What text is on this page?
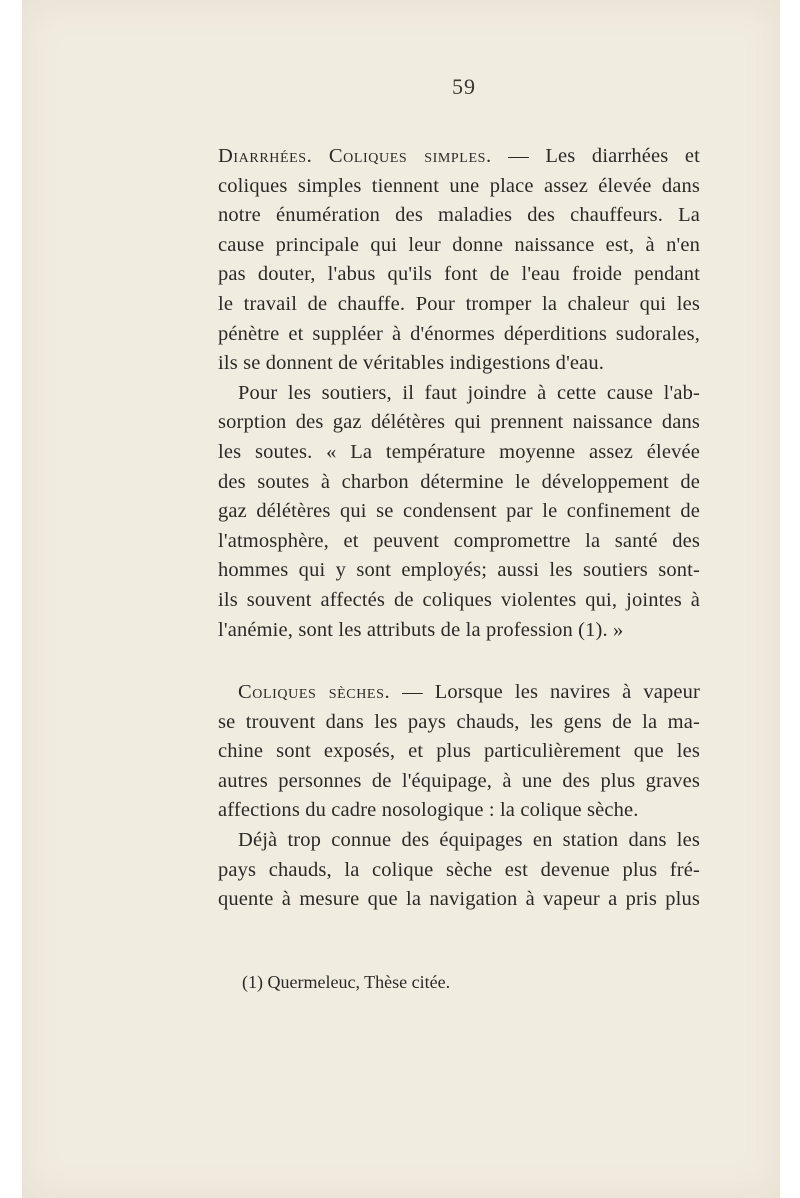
59
Diarrhées. Coliques simples. — Les diarrhées et
coliques simples tiennent une place assez élevée dans
notre énumération des maladies des chauffeurs. La
cause principale qui leur donne naissance est, à n'en
pas douter, l'abus qu'ils font de l'eau froide pendant
le travail de chauffe. Pour tromper la chaleur qui les
pénètre et suppléer à d'énormes déperditions sudorales,
ils se donnent de véritables indigestions d'eau.
Pour les soutiers, il faut joindre à cette cause l'ab-
sorption des gaz délétères qui prennent naissance dans
les soutes. « La température moyenne assez élevée
des soutes à charbon détermine le développement de
gaz délétères qui se condensent par le confinement de
l'atmosphère, et peuvent compromettre la santé des
hommes qui y sont employés; aussi les soutiers sont-
ils souvent affectés de coliques violentes qui, jointes à
l'anémie, sont les attributs de la profession (1). »
Coliques sèches. — Lorsque les navires à vapeur
se trouvent dans les pays chauds, les gens de la ma-
chine sont exposés, et plus particulièrement que les
autres personnes de l'équipage, à une des plus graves
affections du cadre nosologique : la colique sèche.
Déjà trop connue des équipages en station dans les
pays chauds, la colique sèche est devenue plus fré-
quente à mesure que la navigation à vapeur a pris plus
(1) Quermeleuc, Thèse citée.
